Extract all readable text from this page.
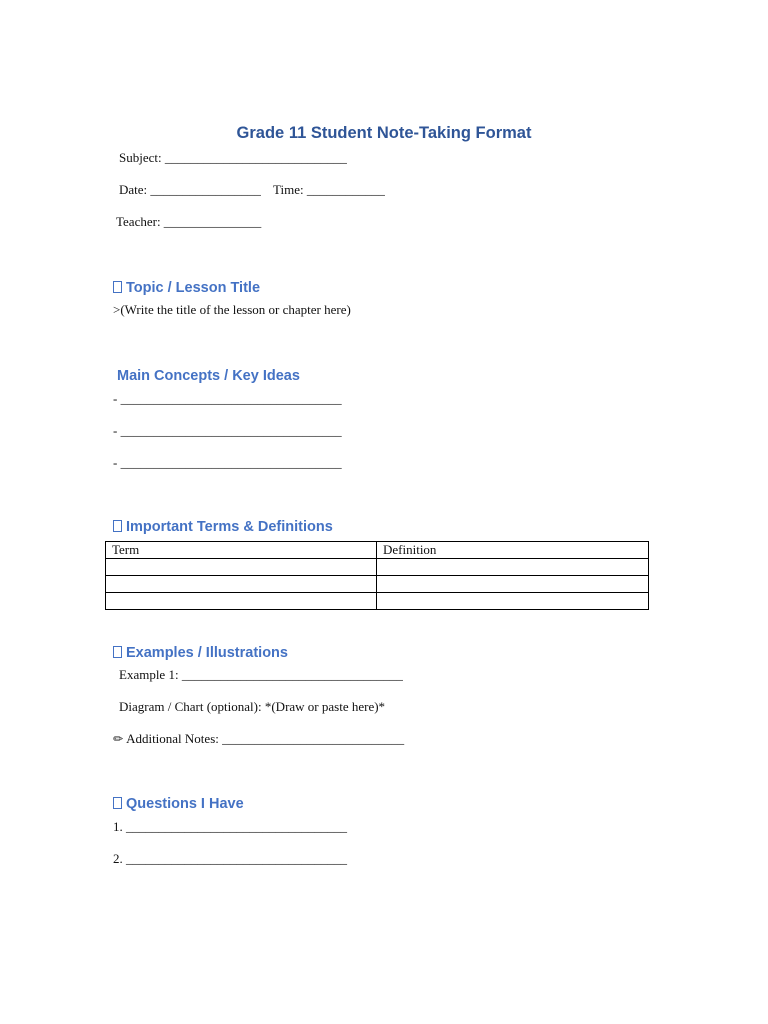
Grade 11 Student Note-Taking Format
Subject: ____________________________
Date: _________________ Time: ____________
Teacher: _______________
Topic / Lesson Title
>(Write the title of the lesson or chapter here)
Main Concepts / Key Ideas
- __________________________________
- __________________________________
- __________________________________
Important Terms & Definitions
Term	Definition

Examples / Illustrations
Example 1: __________________________________
Diagram / Chart (optional): *(Draw or paste here)*
✏ Additional Notes: ____________________________
Questions I Have
1. __________________________________
2. __________________________________
